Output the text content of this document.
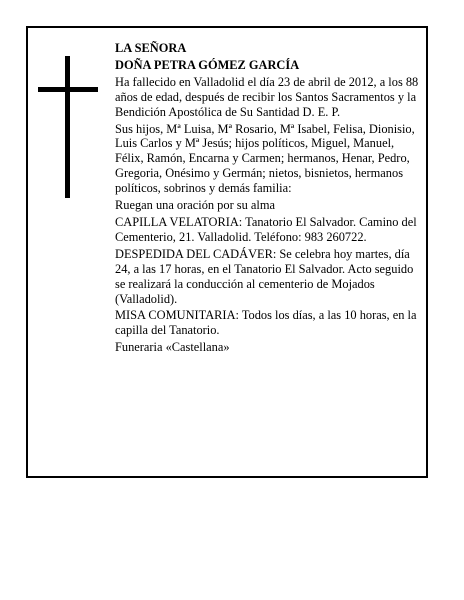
LA SEÑORA

DOÑA PETRA GÓMEZ GARCÍA

Ha fallecido en Valladolid el día 23 de abril de 2012, a los 88 años de edad, después de recibir los Santos Sacramentos y la Bendición Apostólica de Su Santidad D. E. P.

Sus hijos, Mª Luisa, Mª Rosario, Mª Isabel, Felisa, Dionisio, Luis Carlos y Mª Jesús; hijos políticos, Miguel, Manuel, Félix, Ramón, Encarna y Carmen; hermanos, Henar, Pedro, Gregoria, Onésimo y Germán; nietos, bisnietos, hermanos políticos, sobrinos y demás familia:

Ruegan una oración por su alma

CAPILLA VELATORIA: Tanatorio El Salvador. Camino del Cementerio, 21. Valladolid. Teléfono: 983 260722.

DESPEDIDA DEL CADÁVER: Se celebra hoy martes, día 24, a las 17 horas, en el Tanatorio El Salvador. Acto seguido se realizará la conducción al cementerio de Mojados (Valladolid).

MISA COMUNITARIA: Todos los días, a las 10 horas, en la capilla del Tanatorio.

Funeraria «Castellana»
